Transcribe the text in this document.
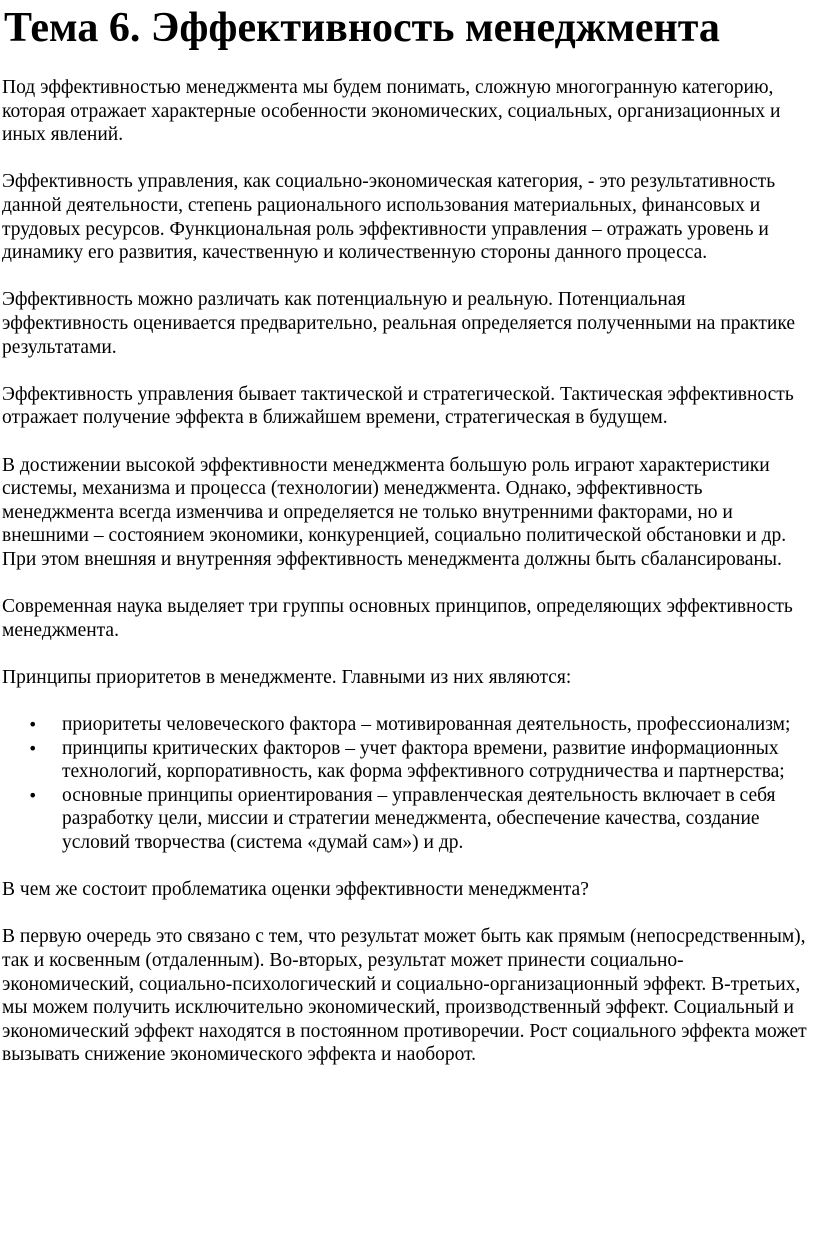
Тема 6. Эффективность менеджмента

Под эффективностью менеджмента мы будем понимать, сложную многогранную категорию, которая отражает характерные особенности экономических, социальных, организационных и иных явлений.

Эффективность управления, как социально-экономическая категория, - это результативность данной деятельности, степень рационального использования материальных, финансовых и трудовых ресурсов. Функциональная роль эффективности управления – отражать уровень и динамику его развития, качественную и количественную стороны данного процесса.

Эффективность можно различать как потенциальную и реальную. Потенциальная эффективность оценивается предварительно, реальная определяется полученными на практике результатами.

Эффективность управления бывает тактической и стратегической. Тактическая эффективность отражает получение эффекта в ближайшем времени, стратегическая в будущем.

В достижении высокой эффективности менеджмента большую роль играют характеристики системы, механизма и процесса (технологии) менеджмента. Однако, эффективность менеджмента всегда изменчива и определяется не только внутренними факторами, но и внешними – состоянием экономики, конкуренцией, социально политической обстановки и др. При этом внешняя и внутренняя эффективность менеджмента должны быть сбалансированы.

Современная наука выделяет три группы основных принципов, определяющих эффективность менеджмента.

Принципы приоритетов в менеджменте. Главными из них являются:

• приоритеты человеческого фактора – мотивированная деятельность, профессионализм;
• принципы критических факторов – учет фактора времени, развитие информационных технологий, корпоративность, как форма эффективного сотрудничества и партнерства;
• основные принципы ориентирования – управленческая деятельность включает в себя разработку цели, миссии и стратегии менеджмента, обеспечение качества, создание условий творчества (система «думай сам») и др.

В чем же состоит проблематика оценки эффективности менеджмента?

В первую очередь это связано с тем, что результат может быть как прямым (непосредственным), так и косвенным (отдаленным). Во-вторых, результат может принести социально-экономический, социально-психологический и социально-организационный эффект. В-третьих, мы можем получить исключительно экономический, производственный эффект. Социальный и экономический эффект находятся в постоянном противоречии. Рост социального эффекта может вызывать снижение экономического эффекта и наоборот.
